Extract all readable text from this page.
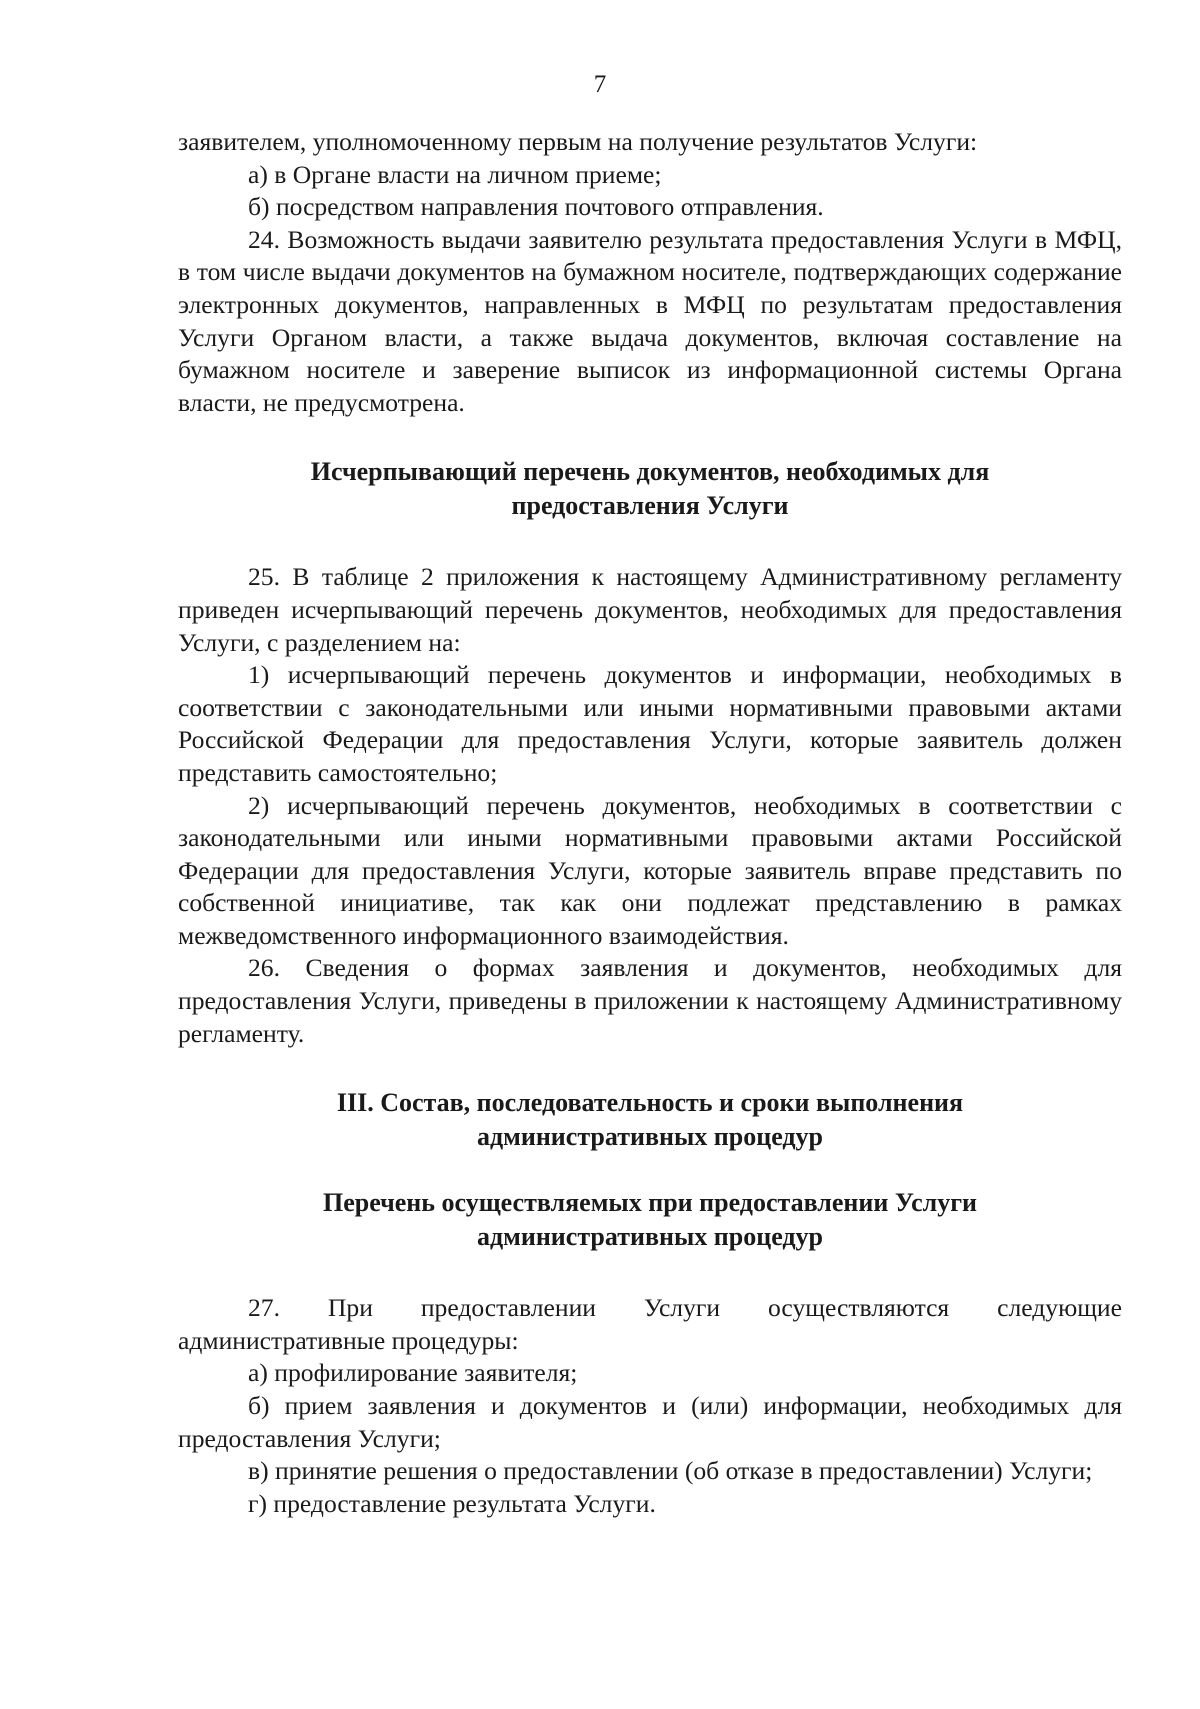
7

заявителем, уполномоченному первым на получение результатов Услуги:

а) в Органе власти на личном приеме;

б) посредством направления почтового отправления.

24. Возможность выдачи заявителю результата предоставления Услуги в МФЦ, в том числе выдачи документов на бумажном носителе, подтверждающих содержание электронных документов, направленных в МФЦ по результатам предоставления Услуги Органом власти, а также выдача документов, включая составление на бумажном носителе и заверение выписок из информационной системы Органа власти, не предусмотрена.

Исчерпывающий перечень документов, необходимых для
предоставления Услуги

25. В таблице 2 приложения к настоящему Административному регламенту приведен исчерпывающий перечень документов, необходимых для предоставления Услуги, с разделением на:

1) исчерпывающий перечень документов и информации, необходимых в соответствии с законодательными или иными нормативными правовыми актами Российской Федерации для предоставления Услуги, которые заявитель должен представить самостоятельно;

2) исчерпывающий перечень документов, необходимых в соответствии с законодательными или иными нормативными правовыми актами Российской Федерации для предоставления Услуги, которые заявитель вправе представить по собственной инициативе, так как они подлежат представлению в рамках межведомственного информационного взаимодействия.

26. Сведения о формах заявления и документов, необходимых для предоставления Услуги, приведены в приложении к настоящему Административному регламенту.

III. Состав, последовательность и сроки выполнения
административных процедур
Перечень осуществляемых при предоставлении Услуги
административных процедур

27. При предоставлении Услуги осуществляются следующие административные процедуры:

а) профилирование заявителя;

б) прием заявления и документов и (или) информации, необходимых для предоставления Услуги;

в) принятие решения о предоставлении (об отказе в предоставлении) Услуги;

г) предоставление результата Услуги.
